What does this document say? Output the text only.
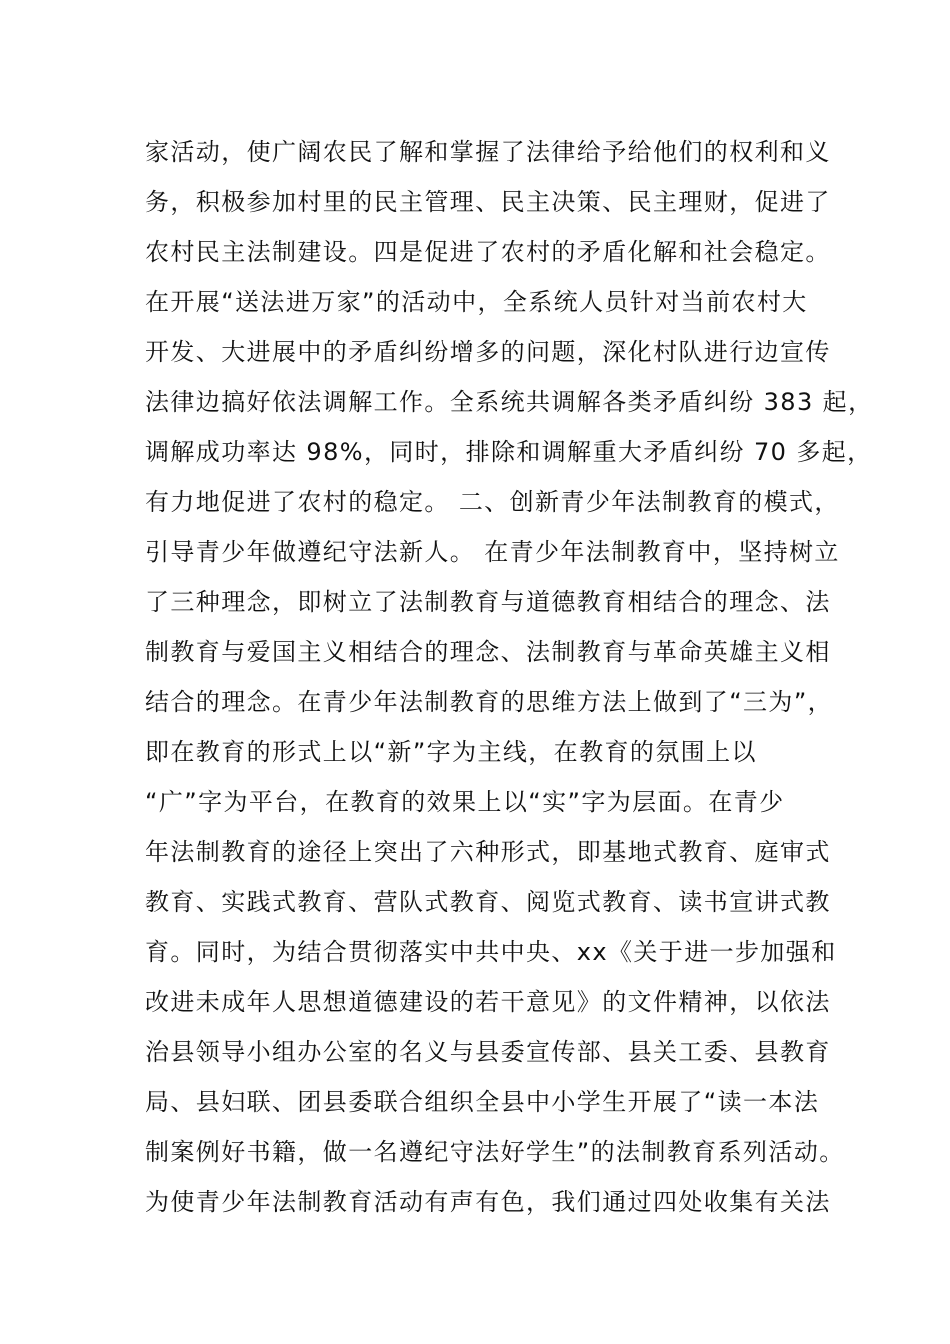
家活动，使广阔农民了解和掌握了法律给予给他们的权利和义
务，积极参加村里的民主管理、民主决策、民主理财，促进了
农村民主法制建设。四是促进了农村的矛盾化解和社会稳定。
在开展“送法进万家”的活动中，全系统人员针对当前农村大
开发、大进展中的矛盾纠纷增多的问题，深化村队进行边宣传
法律边搞好依法调解工作。全系统共调解各类矛盾纠纷 383 起，
调解成功率达 98%，同时，排除和调解重大矛盾纠纷 70 多起，
有力地促进了农村的稳定。 二、创新青少年法制教育的模式，
引导青少年做遵纪守法新人。 在青少年法制教育中，坚持树立
了三种理念，即树立了法制教育与道德教育相结合的理念、法
制教育与爱国主义相结合的理念、法制教育与革命英雄主义相
结合的理念。在青少年法制教育的思维方法上做到了“三为”，
即在教育的形式上以“新”字为主线，在教育的氛围上以
“广”字为平台，在教育的效果上以“实”字为层面。在青少
年法制教育的途径上突出了六种形式，即基地式教育、庭审式
教育、实践式教育、营队式教育、阅览式教育、读书宣讲式教
育。同时，为结合贯彻落实中共中央、xx《关于进一步加强和
改进未成年人思想道德建设的若干意见》的文件精神，以依法
治县领导小组办公室的名义与县委宣传部、县关工委、县教育
局、县妇联、团县委联合组织全县中小学生开展了“读一本法
制案例好书籍，做一名遵纪守法好学生”的法制教育系列活动。
为使青少年法制教育活动有声有色，我们通过四处收集有关法
